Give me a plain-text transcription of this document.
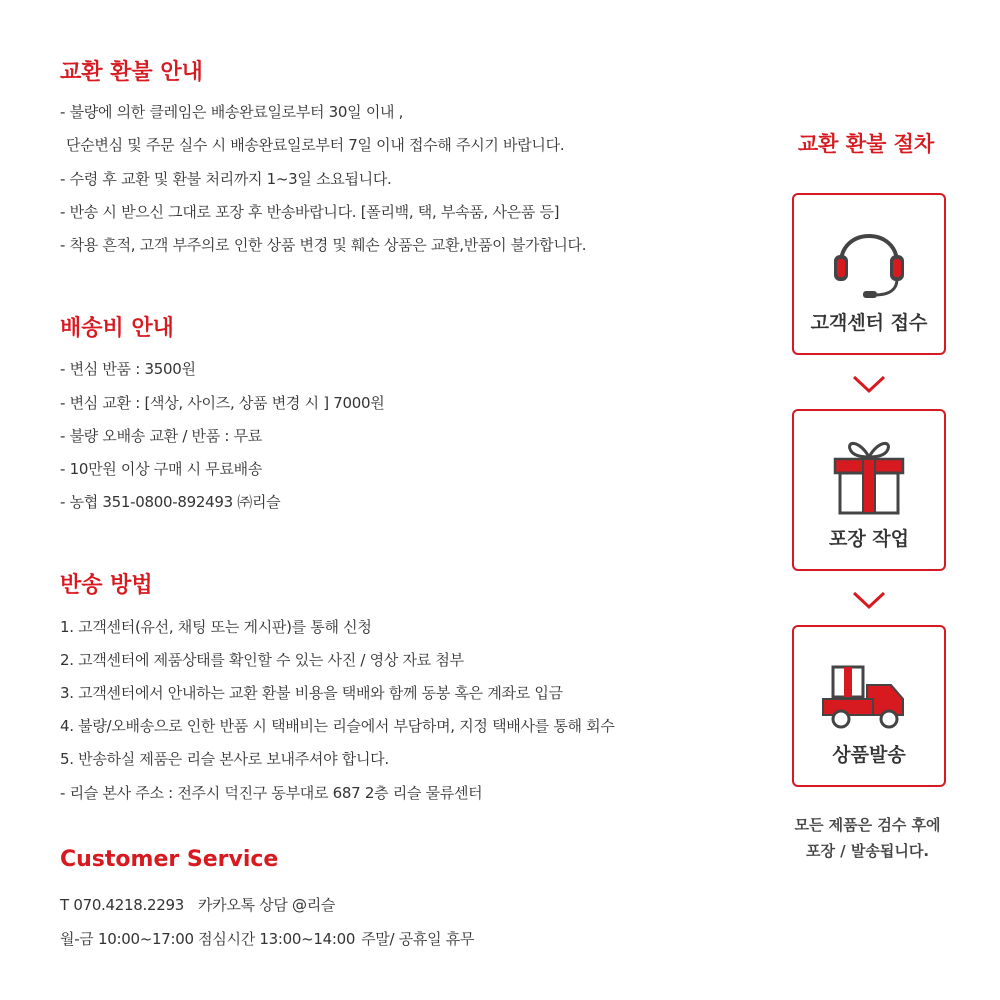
교환 환불 안내
- 불량에 의한 클레임은 배송완료일로부터 30일 이내 ,
단순변심 및 주문 실수 시 배송완료일로부터 7일 이내 접수해 주시기 바랍니다.
- 수령 후 교환 및 환불 처리까지 1~3일 소요됩니다.
- 반송 시 받으신 그대로 포장 후 반송바랍니다. [폴리백, 택, 부속품, 사은품 등]
- 착용 흔적, 고객 부주의로 인한 상품 변경 및 훼손 상품은 교환,반품이 불가합니다.
배송비 안내
- 변심 반품 : 3500원
- 변심 교환 : [색상, 사이즈, 상품 변경 시 ] 7000원
- 불량 오배송 교환 / 반품 : 무료
- 10만원 이상 구매 시 무료배송
- 농협 351-0800-892493 ㈜리슬
반송 방법
1. 고객센터(유선, 채팅 또는 게시판)를 통해 신청
2. 고객센터에 제품상태를 확인할 수 있는 사진 / 영상 자료 첨부
3. 고객센터에서 안내하는 교환 환불 비용을 택배와 함께 동봉 혹은 계좌로 입금
4. 불량/오배송으로 인한 반품 시 택배비는 리슬에서 부담하며, 지정 택배사를 통해 회수
5. 반송하실 제품은 리슬 본사로 보내주셔야 합니다.
- 리슬 본사 주소 : 전주시 덕진구 동부대로 687 2층 리슬 물류센터
Customer Service
T 070.4218.2293 카카오톡 상담 @리슬
월-금 10:00~17:00 점심시간 13:00~14:00 주말/ 공휴일 휴무
교환 환불 절차
고객센터 접수
포장 작업
상품발송
모든 제품은 검수 후에
포장 / 발송됩니다.
